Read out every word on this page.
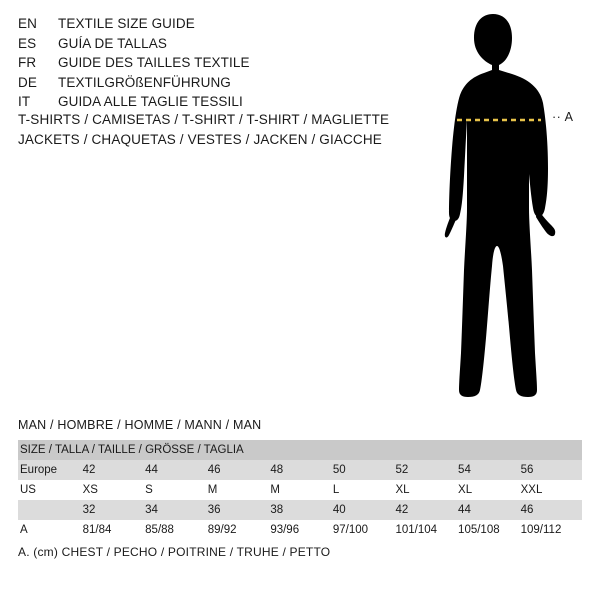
EN	TEXTILE SIZE GUIDE
ES	GUÍA DE TALLAS
FR	GUIDE DES TAILLES TEXTILE
DE	TEXTILGRÖßENFÜHRUNG
IT	GUIDA ALLE TAGLIE TESSILI
T-SHIRTS / CAMISETAS / T-SHIRT / T-SHIRT / MAGLIETTE
JACKETS / CHAQUETAS / VESTES / JACKEN / GIACCHE
·· A
MAN / HOMBRE / HOMME / MANN / MAN
SIZE / TALLA / TAILLE / GRÖSSE / TAGLIA								
Europe	42	44	46	48	50	52	54	56
US	XS	S	M	M	L	XL	XL	XXL
	32	34	36	38	40	42	44	46
A	81/84	85/88	89/92	93/96	97/100	101/104	105/108	109/112
A. (cm) CHEST / PECHO / POITRINE / TRUHE / PETTO
